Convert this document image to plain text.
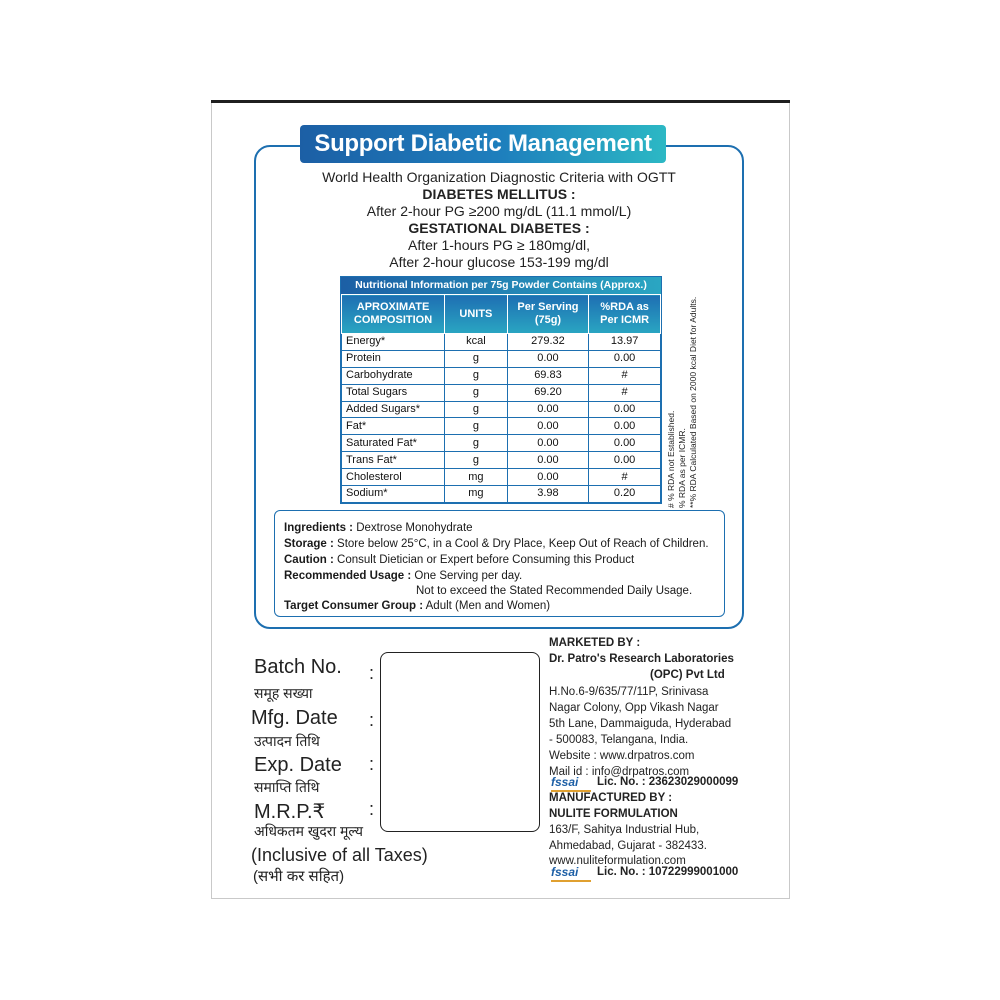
Support Diabetic Management
World Health Organization Diagnostic Criteria with OGTT
DIABETES MELLITUS :
After 2-hour PG ≥200 mg/dL (11.1 mmol/L)
GESTATIONAL DIABETES :
After 1-hours PG ≥ 180mg/dl,
After 2-hour glucose 153-199 mg/dl
Nutritional Information per 75g Powder Contains (Approx.)
APROXIMATE COMPOSITION	UNITS	Per Serving (75g)	%RDA as Per ICMR
Energy*	kcal	279.32	13.97
Protein	g	0.00	0.00
Carbohydrate	g	69.83	#
Total Sugars	g	69.20	#
Added Sugars*	g	0.00	0.00
Fat*	g	0.00	0.00
Saturated Fat*	g	0.00	0.00
Trans Fat*	g	0.00	0.00
Cholesterol	mg	0.00	#
Sodium*	mg	3.98	0.20	# % RDA not Established. % RDA as per ICMR. **% RDA Calculated Based on 2000 kcal Diet for Adults.
Ingredients : Dextrose Monohydrate
Storage : Store below 25°C, in a Cool & Dry Place, Keep Out of Reach of Children.
Caution : Consult Dietician or Expert before Consuming this Product
Recommended Usage : One Serving per day.
Not to exceed the Stated Recommended Daily Usage.
Target Consumer Group : Adult (Men and Women)
Batch No. :
समूह सख्या
Mfg. Date :
उत्पादन तिथि
Exp. Date :
समाप्ति तिथि
M.R.P.₹ :
अधिकतम खुदरा मूल्य
(Inclusive of all Taxes)
(सभी कर सहित)
MARKETED BY :
Dr. Patro's Research Laboratories
(OPC) Pvt Ltd
H.No.6-9/635/77/11P, Srinivasa
Nagar Colony, Opp Vikash Nagar
5th Lane, Dammaiguda, Hyderabad
- 500083, Telangana, India.
Website : www.drpatros.com
Mail id : info@drpatros.com
fssai	Lic. No. : 23623029000099
MANUFACTURED BY :
NULITE FORMULATION
163/F, Sahitya Industrial Hub,
Ahmedabad, Gujarat - 382433.
www.nuliteformulation.com
fssai	Lic. No. : 10722999001000
